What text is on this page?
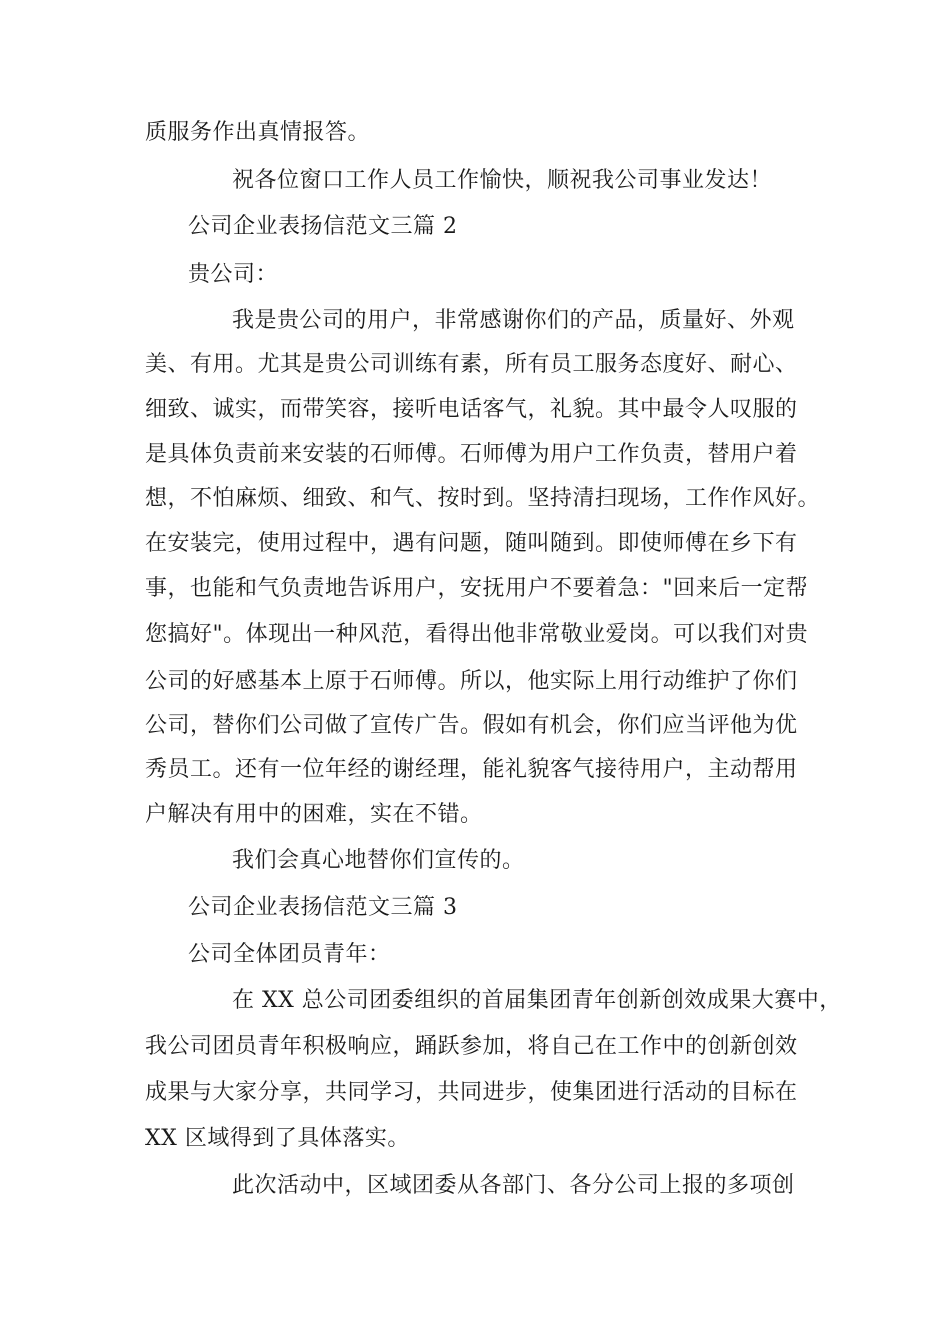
质服务作出真情报答。
祝各位窗口工作人员工作愉快，顺祝我公司事业发达！
公司企业表扬信范文三篇 2
贵公司：
我是贵公司的用户，非常感谢你们的产品，质量好、外观
美、有用。尤其是贵公司训练有素，所有员工服务态度好、耐心、
细致、诚实，而带笑容，接听电话客气，礼貌。其中最令人叹服的
是具体负责前来安装的石师傅。石师傅为用户工作负责，替用户着
想，不怕麻烦、细致、和气、按时到。坚持清扫现场，工作作风好。
在安装完，使用过程中，遇有问题，随叫随到。即使师傅在乡下有
事，也能和气负责地告诉用户，安抚用户不要着急："回来后一定帮
您搞好"。体现出一种风范，看得出他非常敬业爱岗。可以我们对贵
公司的好感基本上原于石师傅。所以，他实际上用行动维护了你们
公司，替你们公司做了宣传广告。假如有机会，你们应当评他为优
秀员工。还有一位年经的谢经理，能礼貌客气接待用户，主动帮用
户解决有用中的困难，实在不错。
我们会真心地替你们宣传的。
公司企业表扬信范文三篇 3
公司全体团员青年：
在 XX 总公司团委组织的首届集团青年创新创效成果大赛中，
我公司团员青年积极响应，踊跃参加，将自己在工作中的创新创效
成果与大家分享，共同学习，共同进步，使集团进行活动的目标在
XX 区域得到了具体落实。
此次活动中，区域团委从各部门、各分公司上报的多项创
